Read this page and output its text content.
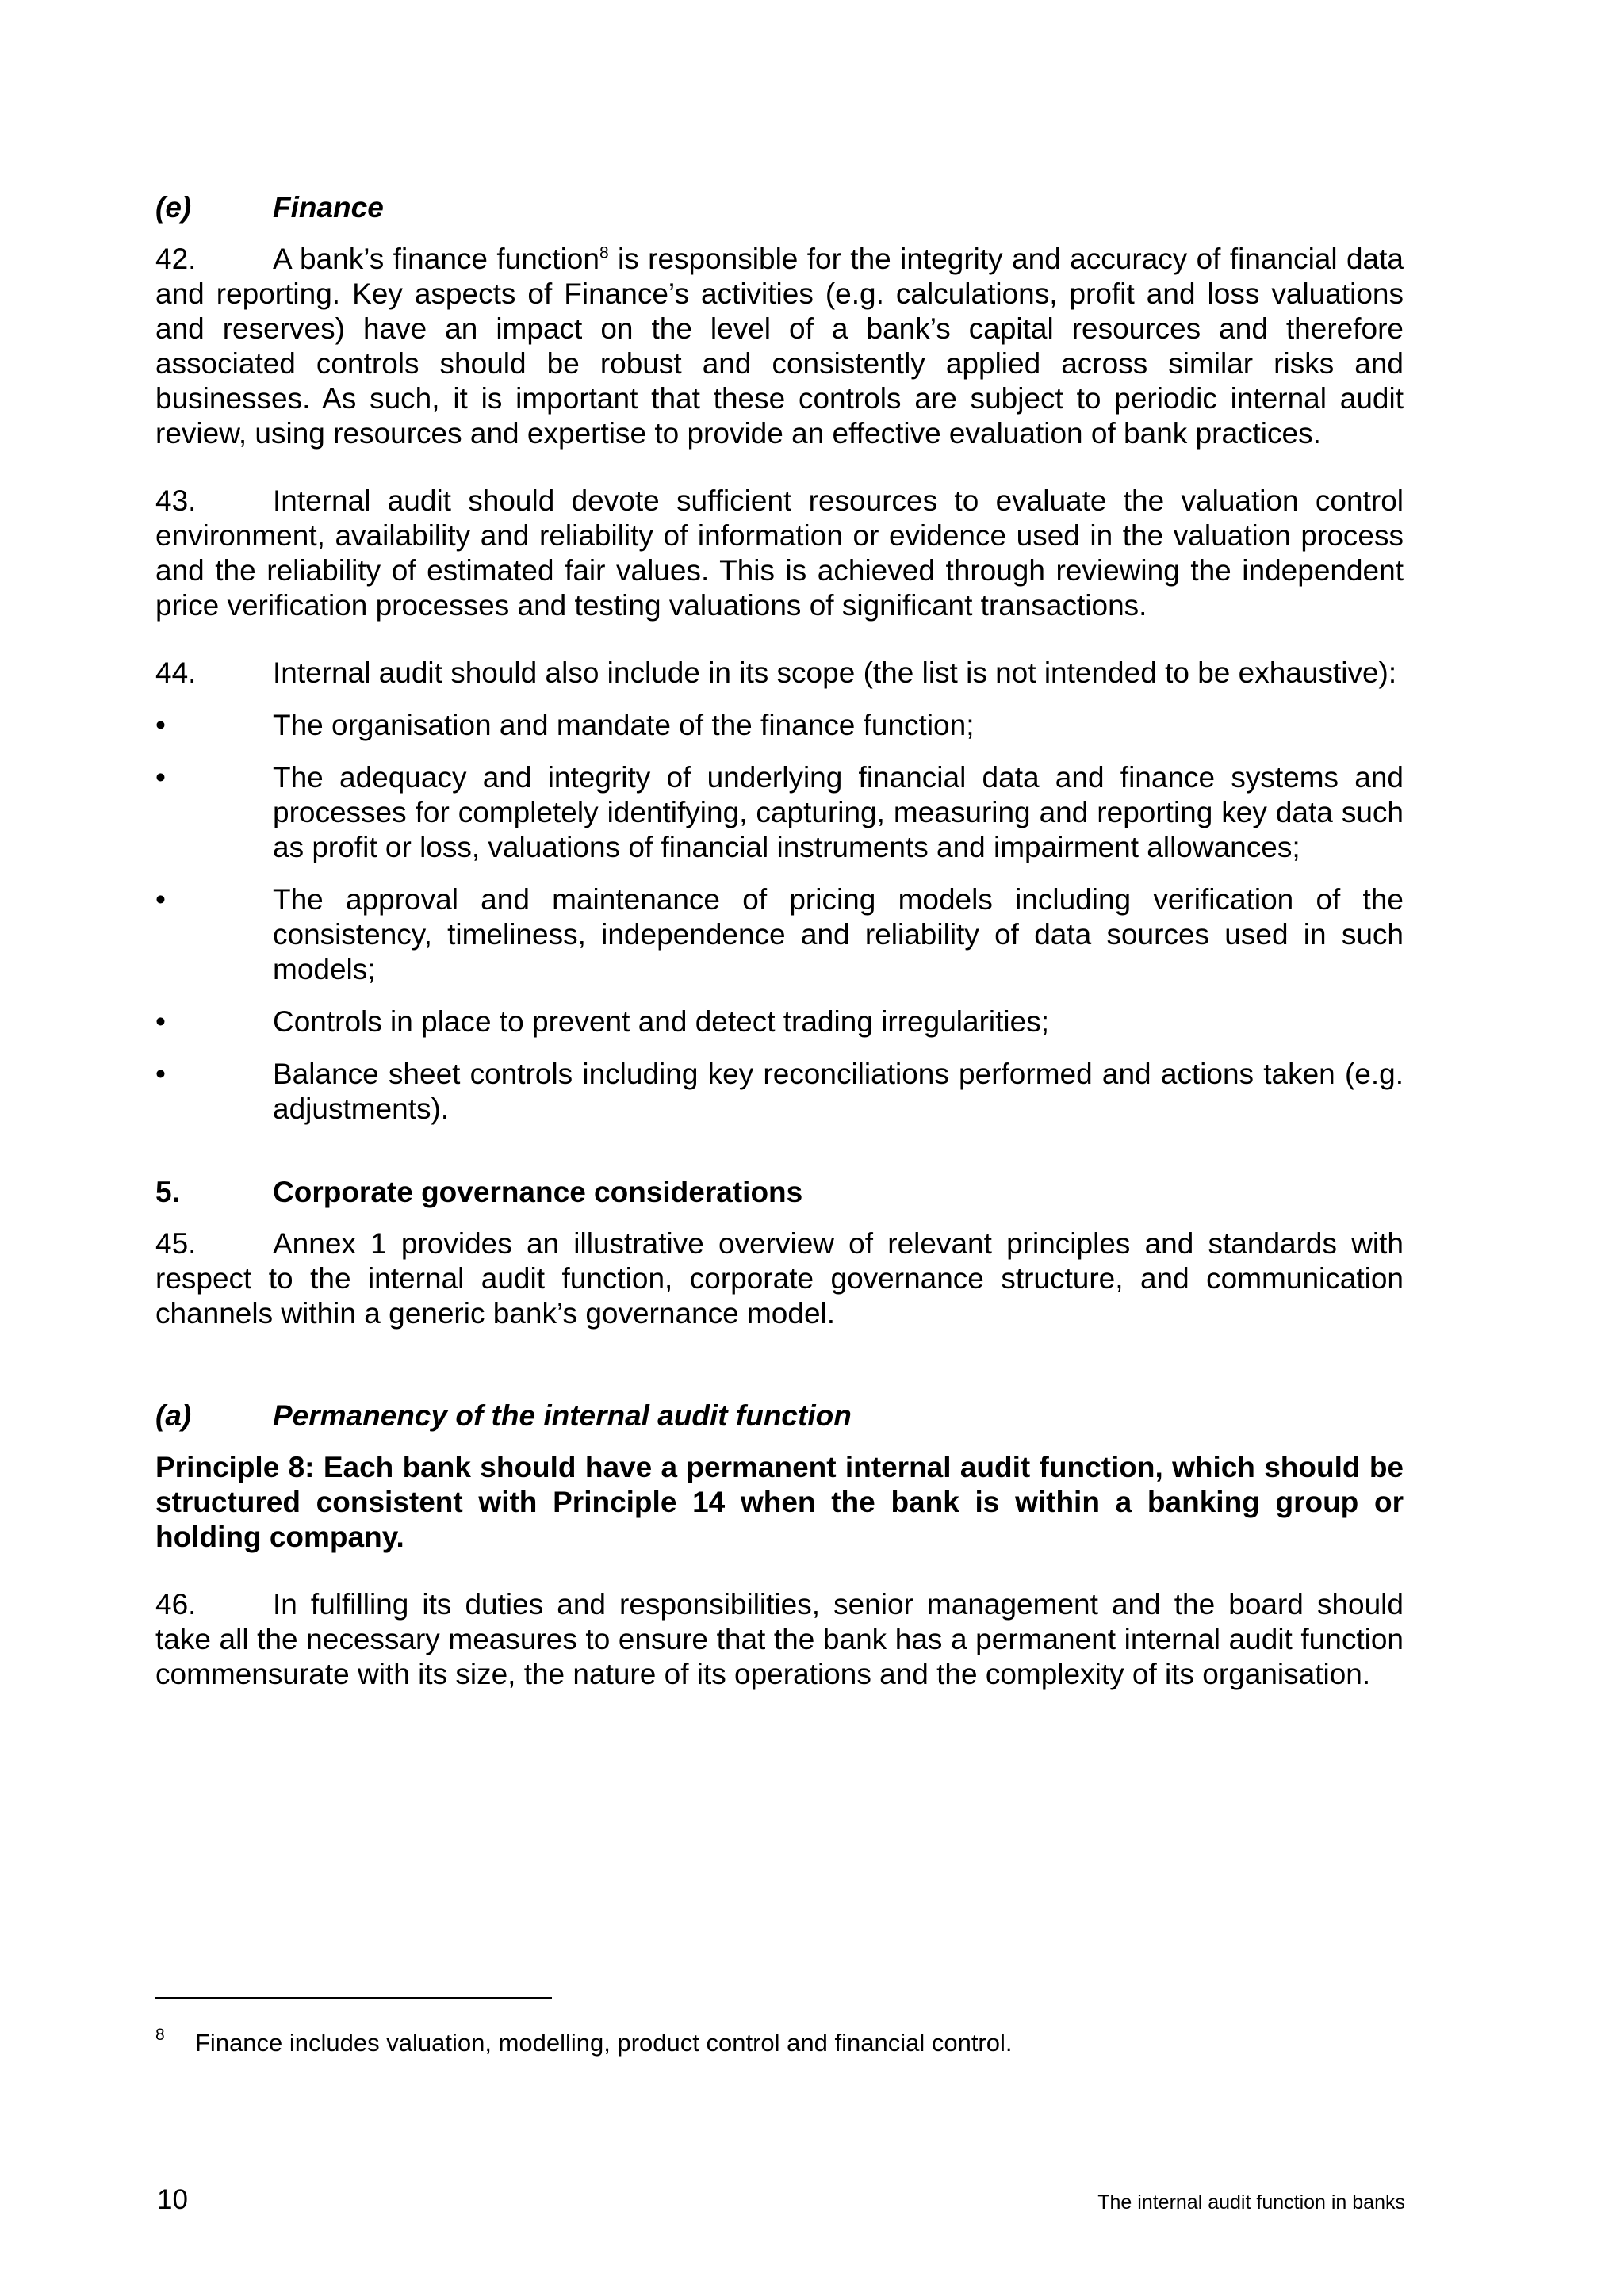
(e)	Finance

42.	A bank’s finance function$^8$ is responsible for the integrity and accuracy of financial data and reporting. Key aspects of Finance’s activities (e.g. calculations, profit and loss valuations and reserves) have an impact on the level of a bank’s capital resources and therefore associated controls should be robust and consistently applied across similar risks and businesses. As such, it is important that these controls are subject to periodic internal audit review, using resources and expertise to provide an effective evaluation of bank practices.

43.	Internal audit should devote sufficient resources to evaluate the valuation control environment, availability and reliability of information or evidence used in the valuation process and the reliability of estimated fair values. This is achieved through reviewing the independent price verification processes and testing valuations of significant transactions.

44.	Internal audit should also include in its scope (the list is not intended to be exhaustive):

•	The organisation and mandate of the finance function;
•	The adequacy and integrity of underlying financial data and finance systems and processes for completely identifying, capturing, measuring and reporting key data such as profit or loss, valuations of financial instruments and impairment allowances;
•	The approval and maintenance of pricing models including verification of the consistency, timeliness, independence and reliability of data sources used in such models;
•	Controls in place to prevent and detect trading irregularities;
•	Balance sheet controls including key reconciliations performed and actions taken (e.g. adjustments).
5.	Corporate governance considerations

45.	Annex 1 provides an illustrative overview of relevant principles and standards with respect to the internal audit function, corporate governance structure, and communication channels within a generic bank’s governance model.

(a)	Permanency of the internal audit function

Principle 8: Each bank should have a permanent internal audit function, which should be structured consistent with Principle 14 when the bank is within a banking group or holding company.

46.	In fulfilling its duties and responsibilities, senior management and the board should take all the necessary measures to ensure that the bank has a permanent internal audit function commensurate with its size, the nature of its operations and the complexity of its organisation.

8 Finance includes valuation, modelling, product control and financial control.
10	The internal audit function in banks
